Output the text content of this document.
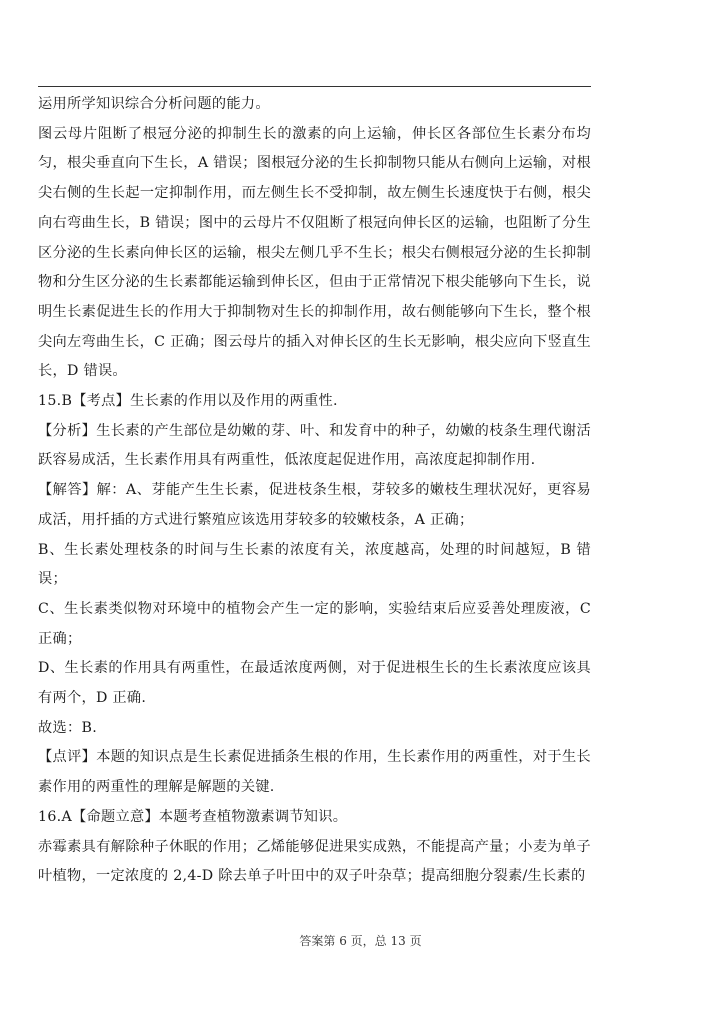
运用所学知识综合分析问题的能力。

图云母片阻断了根冠分泌的抑制生长的激素的向上运输，伸长区各部位生长素分布均匀，根尖垂直向下生长，A 错误；图根冠分泌的生长抑制物只能从右侧向上运输，对根尖右侧的生长起一定抑制作用，而左侧生长不受抑制，故左侧生长速度快于右侧，根尖向右弯曲生长，B 错误；图中的云母片不仅阻断了根冠向伸长区的运输，也阻断了分生区分泌的生长素向伸长区的运输，根尖左侧几乎不生长；根尖右侧根冠分泌的生长抑制物和分生区分泌的生长素都能运输到伸长区，但由于正常情况下根尖能够向下生长，说明生长素促进生长的作用大于抑制物对生长的抑制作用，故右侧能够向下生长，整个根尖向左弯曲生长，C 正确；图云母片的插入对伸长区的生长无影响，根尖应向下竖直生长，D 错误。

15.B【考点】生长素的作用以及作用的两重性.

【分析】生长素的产生部位是幼嫩的芽、叶、和发育中的种子，幼嫩的枝条生理代谢活跃容易成活，生长素作用具有两重性，低浓度起促进作用，高浓度起抑制作用.

【解答】解：A、芽能产生生长素，促进枝条生根，芽较多的嫩枝生理状况好，更容易成活，用扦插的方式进行繁殖应该选用芽较多的较嫩枝条，A 正确；

B、生长素处理枝条的时间与生长素的浓度有关，浓度越高，处理的时间越短，B 错误；

C、生长素类似物对环境中的植物会产生一定的影响，实验结束后应妥善处理废液，C 正确；

D、生长素的作用具有两重性，在最适浓度两侧，对于促进根生长的生长素浓度应该具有两个，D 正确.

故选：B.

【点评】本题的知识点是生长素促进插条生根的作用，生长素作用的两重性，对于生长素作用的两重性的理解是解题的关键.

16.A【命题立意】本题考查植物激素调节知识。

赤霉素具有解除种子休眠的作用；乙烯能够促进果实成熟，不能提高产量；小麦为单子叶植物，一定浓度的 2,4-D 除去单子叶田中的双子叶杂草；提高细胞分裂素/生长素的

答案第 6 页，总 13 页
